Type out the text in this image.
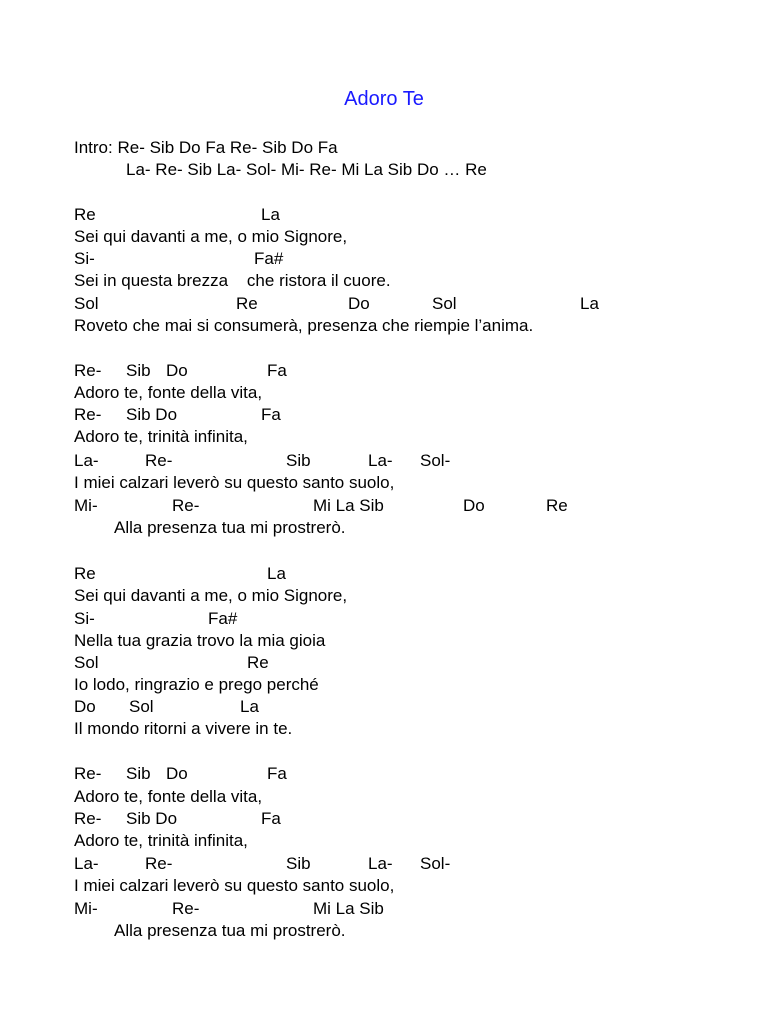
Adoro Te
Intro: Re- Sib Do Fa Re- Sib Do Fa
La- Re- Sib La- Sol- Mi- Re- Mi La Sib Do … Re
Re	La
Sei qui davanti a me, o mio Signore,
Si-	Fa#
Sei in questa brezza    che ristora il cuore.
Sol	Re	Do	Sol	La
Roveto che mai si consumerà, presenza che riempie l’anima.
Re- Sib Do	Fa
Adoro te, fonte della vita,
Re- Sib Do	Fa
Adoro te, trinità infinita,
La-	Re-	Sib	La- Sol-
I miei calzari leverò su questo santo suolo,
Mi-	Re-	Mi La Sib	Do	Re
Alla presenza tua mi prostrerò.
Re	La
Sei qui davanti a me, o mio Signore,
Si-	Fa#
Nella tua grazia trovo la mia gioia
Sol	Re
Io lodo, ringrazio e prego perché
Do Sol	La
Il mondo ritorni a vivere in te.
Re- Sib Do	Fa
Adoro te, fonte della vita,
Re- Sib Do	Fa
Adoro te, trinità infinita,
La-	Re-	Sib	La- Sol-
I miei calzari leverò su questo santo suolo,
Mi-	Re-	Mi La Sib
Alla presenza tua mi prostrerò.
